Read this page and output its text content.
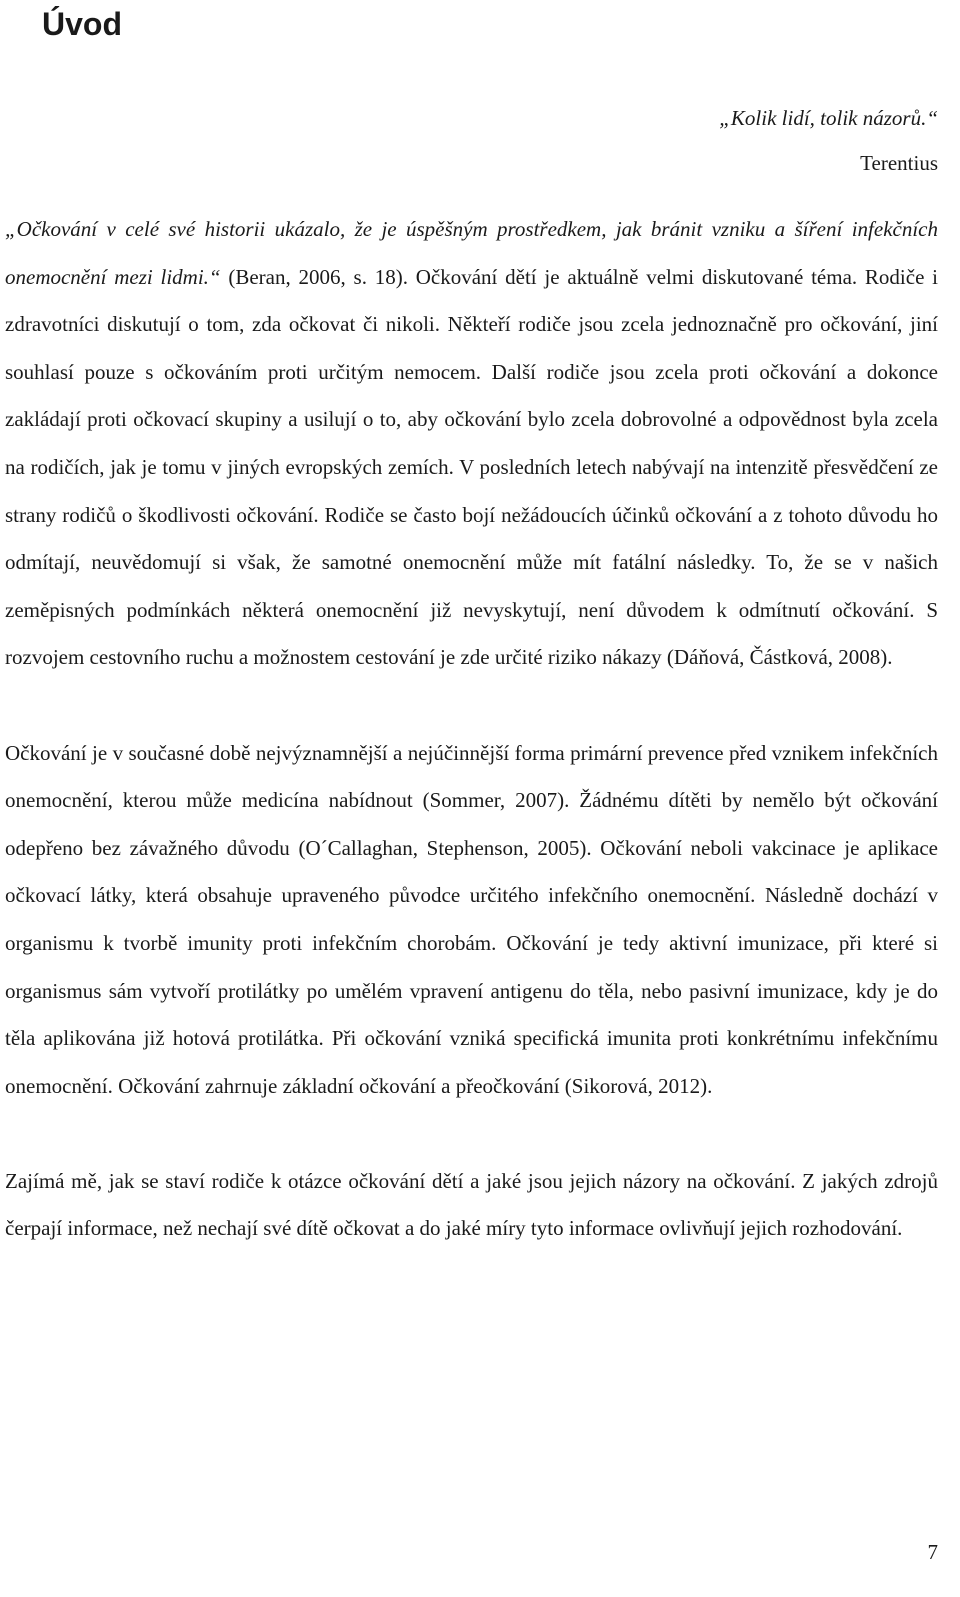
Úvod
„Kolik lidí, tolik názorů.“
Terentius

„Očkování v celé své historii ukázalo, že je úspěšným prostředkem, jak bránit vzniku a šíření infekčních onemocnění mezi lidmi.“ (Beran, 2006, s. 18). Očkování dětí je aktuálně velmi diskutované téma. Rodiče i zdravotníci diskutují o tom, zda očkovat či nikoli. Někteří rodiče jsou zcela jednoznačně pro očkování, jiní souhlasí pouze s očkováním proti určitým nemocem. Další rodiče jsou zcela proti očkování a dokonce zakládají proti očkovací skupiny a usilují o to, aby očkování bylo zcela dobrovolné a odpovědnost byla zcela na rodičích, jak je tomu v jiných evropských zemích. V posledních letech nabývají na intenzitě přesvědčení ze strany rodičů o škodlivosti očkování. Rodiče se často bojí nežádoucích účinků očkování a z tohoto důvodu ho odmítají, neuvědomují si však, že samotné onemocnění může mít fatální následky. To, že se v našich zeměpisných podmínkách některá onemocnění již nevyskytují, není důvodem k odmítnutí očkování. S rozvojem cestovního ruchu a možnostem cestování je zde určité riziko nákazy (Dáňová, Částková, 2008).

Očkování je v současné době nejvýznamnější a nejúčinnější forma primární prevence před vznikem infekčních onemocnění, kterou může medicína nabídnout (Sommer, 2007). Žádnému dítěti by nemělo být očkování odepřeno bez závažného důvodu (O´Callaghan, Stephenson, 2005). Očkování neboli vakcinace je aplikace očkovací látky, která obsahuje upraveného původce určitého infekčního onemocnění. Následně dochází v organismu k tvorbě imunity proti infekčním chorobám. Očkování je tedy aktivní imunizace, při které si organismus sám vytvoří protilátky po umělém vpravení antigenu do těla, nebo pasivní imunizace, kdy je do těla aplikována již hotová protilátka. Při očkování vzniká specifická imunita proti konkrétnímu infekčnímu onemocnění. Očkování zahrnuje základní očkování a přeočkování (Sikorová, 2012).

Zajímá mě, jak se staví rodiče k otázce očkování dětí a jaké jsou jejich názory na očkování. Z jakých zdrojů čerpají informace, než nechají své dítě očkovat a do jaké míry tyto informace ovlivňují jejich rozhodování.

7
